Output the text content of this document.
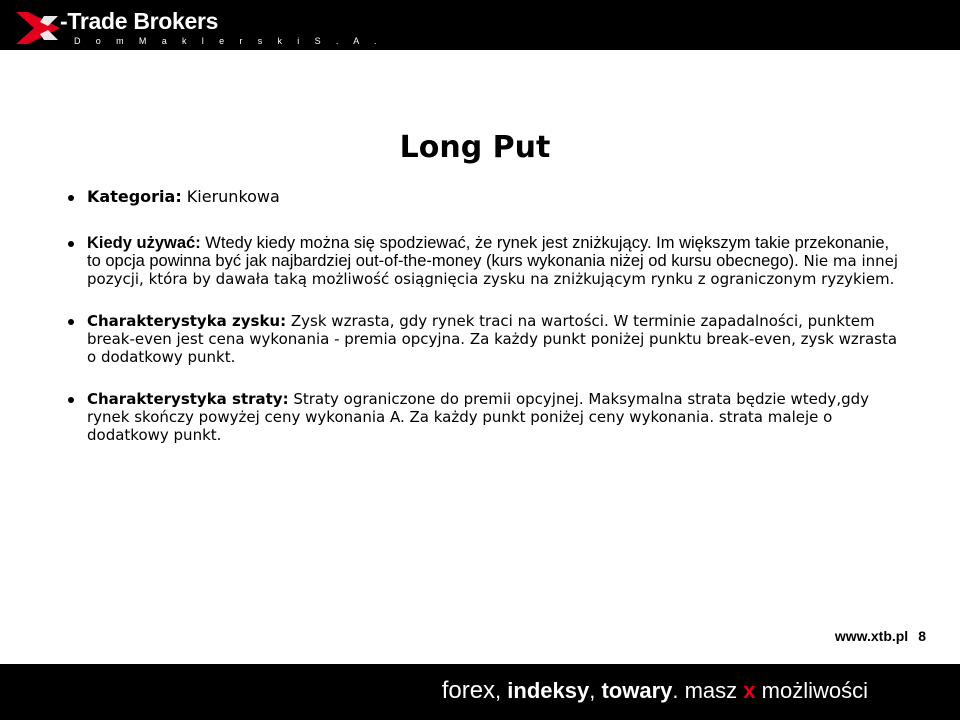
-Trade Brokers
D o m M a k l e r s k i S . A .
Long Put
Kategoria: Kierunkowa
Kiedy używać: Wtedy kiedy można się spodziewać, że rynek jest zniżkujący. Im większym takie przekonanie, to opcja powinna być jak najbardziej out-of-the-money (kurs wykonania niżej od kursu obecnego). Nie ma innej pozycji, która by dawała taką możliwość osiągnięcia zysku na zniżkującym rynku z ograniczonym ryzykiem.
Charakterystyka zysku: Zysk wzrasta, gdy rynek traci na wartości. W terminie zapadalności, punktem break-even jest cena wykonania - premia opcyjna. Za każdy punkt poniżej punktu break-even, zysk wzrasta o dodatkowy punkt.
Charakterystyka straty: Straty ograniczone do premii opcyjnej. Maksymalna strata będzie wtedy,gdy rynek skończy powyżej ceny wykonania A. Za każdy punkt poniżej ceny wykonania. strata maleje o dodatkowy punkt.
www.xtb.pl 8
forex, indeksy, towary. masz x możliwości
